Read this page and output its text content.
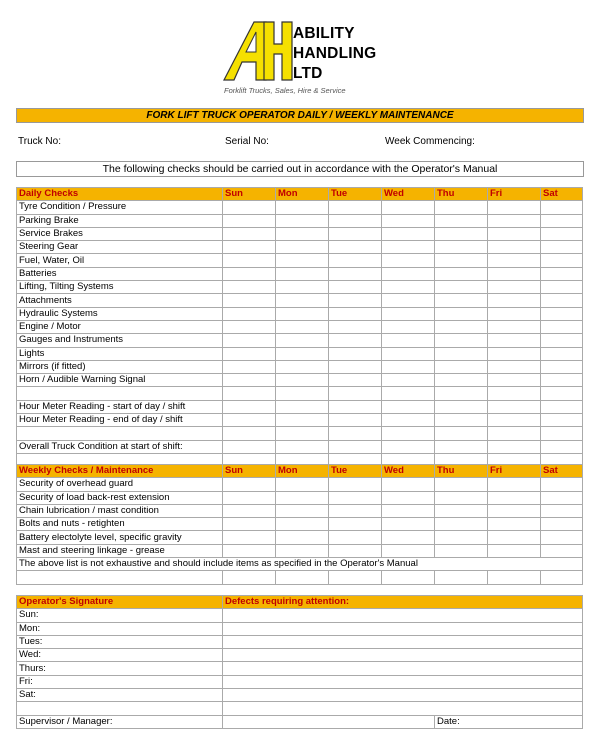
ABILITY
HANDLING
LTD
Forklift Trucks, Sales, Hire & Service
FORK LIFT TRUCK OPERATOR DAILY / WEEKLY MAINTENANCE
Truck No:	Serial No:	Week Commencing:
The following checks should be carried out in accordance with the Operator's Manual
Daily Checks	Sun	Mon	Tue	Wed	Thu	Fri	Sat
Tyre Condition / Pressure							
Parking Brake							
Service Brakes							
Steering Gear							
Fuel, Water, Oil							
Batteries							
Lifting, Tilting Systems							
Attachments							
Hydraulic Systems							
Engine / Motor							
Gauges and Instruments							
Lights							
Mirrors (if fitted)							
Horn / Audible Warning Signal							

Hour Meter Reading - start of day / shift							
Hour Meter Reading - end of day / shift							

Overall Truck Condition at start of shift:							

Weekly Checks / Maintenance	Sun	Mon	Tue	Wed	Thu	Fri	Sat
Security of overhead guard							
Security of load back-rest extension							
Chain lubrication / mast condition							
Bolts and nuts - retighten							
Battery electolyte level, specific gravity							
Mast and steering linkage - grease							
The above list is not exhaustive and should include items as specified in the Operator's Manual							

Operator's Signature	Defects requiring attention:	
Sun:		
Mon:		
Tues:		
Wed:		
Thurs:		
Fri:		
Sat:		

Supervisor / Manager:		Date:
